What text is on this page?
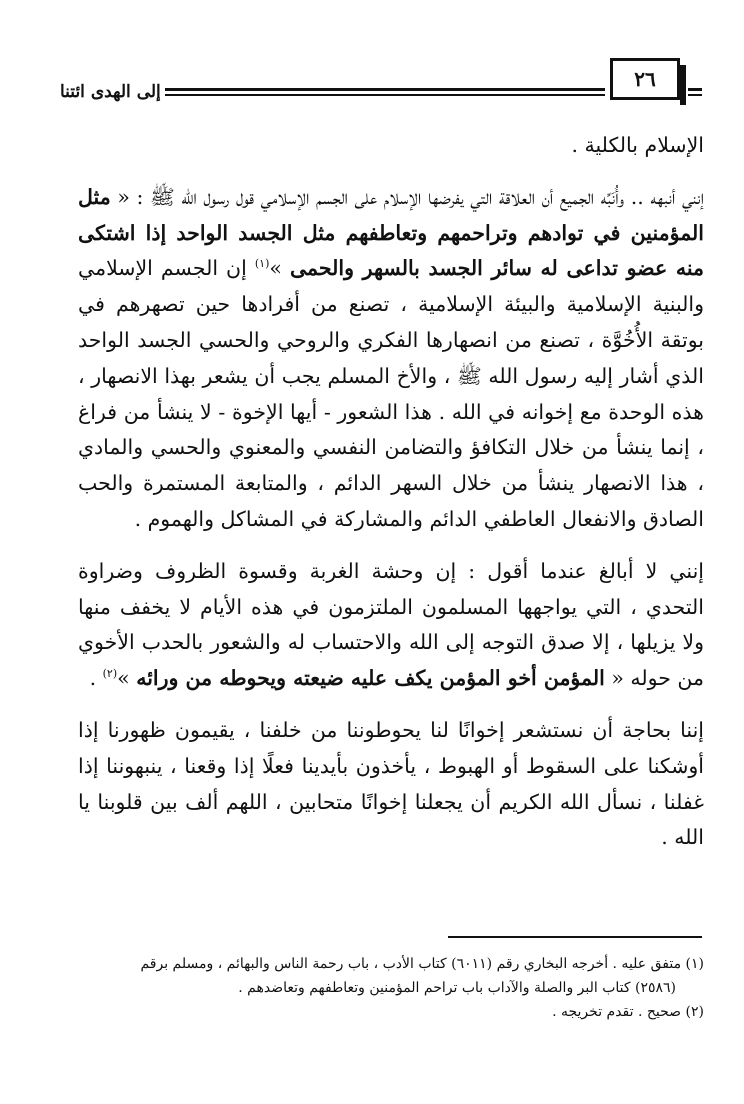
إلى الهدى ائتنا
٢٦

الإسلام بالكلية .

إنني أنبهه .. وأُنَبِّه الجميع أن العلاقة التي يفرضها الإسلام على الجسم الإسلامي قول رسول الله ﷺ : « مثل المؤمنين في توادهم وتراحمهم وتعاطفهم مثل الجسد الواحد إذا اشتكى منه عضو تداعى له سائر الجسد بالسهر والحمى »$^{(١)}$ إن الجسم الإسلامي والبنية الإسلامية والبيئة الإسلامية ، تصنع من أفرادها حين تصهرهم في بوتقة الأُخُوَّة ، تصنع من انصهارها الفكري والروحي والحسي الجسد الواحد الذي أشار إليه رسول الله ﷺ ، والأخ المسلم يجب أن يشعر بهذا الانصهار ، هذه الوحدة مع إخوانه في الله . هذا الشعور - أيها الإخوة - لا ينشأ من فراغ ، إنما ينشأ من خلال التكافؤ والتضامن النفسي والمعنوي والحسي والمادي ، هذا الانصهار ينشأ من خلال السهر الدائم ، والمتابعة المستمرة والحب الصادق والانفعال العاطفي الدائم والمشاركة في المشاكل والهموم .

إنني لا أبالغ عندما أقول : إن وحشة الغربة وقسوة الظروف وضراوة التحدي ، التي يواجهها المسلمون الملتزمون في هذه الأيام لا يخفف منها ولا يزيلها ، إلا صدق التوجه إلى الله والاحتساب له والشعور بالحدب الأخوي من حوله « المؤمن أخو المؤمن يكف عليه ضيعته ويحوطه من ورائه »$^{(٢)}$ .

إننا بحاجة أن نستشعر إخوانًا لنا يحوطوننا من خلفنا ، يقيمون ظهورنا إذا أوشكنا على السقوط أو الهبوط ، يأخذون بأيدينا فعلًا إذا وقعنا ، ينبهوننا إذا غفلنا ، نسأل الله الكريم أن يجعلنا إخوانًا متحابين ، اللهم ألف بين قلوبنا يا الله .

(١) متفق عليه . أخرجه البخاري رقم (٦٠١١) كتاب الأدب ، باب رحمة الناس والبهائم ، ومسلم برقم

(٢٥٨٦) كتاب البر والصلة والآداب باب تراحم المؤمنين وتعاطفهم وتعاضدهم .

(٢) صحيح . تقدم تخريجه .
